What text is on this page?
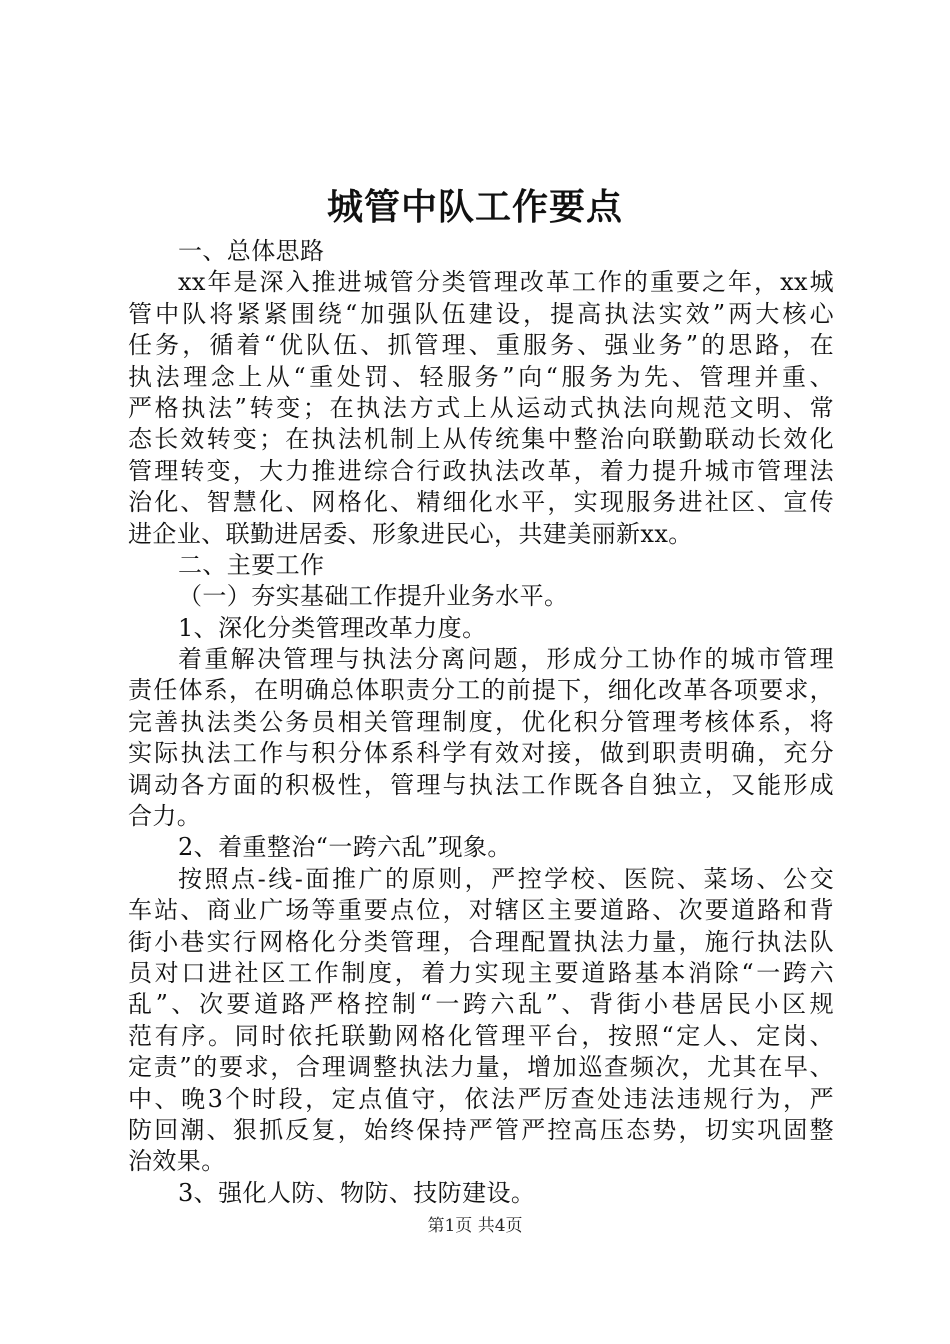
城管中队工作要点
一、总体思路
xx年是深入推进城管分类管理改革工作的重要之年，xx城
管中队将紧紧围绕“加强队伍建设，提高执法实效”两大核心
任务，循着“优队伍、抓管理、重服务、强业务”的思路，在
执法理念上从“重处罚、轻服务”向“服务为先、管理并重、
严格执法”转变；在执法方式上从运动式执法向规范文明、常
态长效转变；在执法机制上从传统集中整治向联勤联动长效化
管理转变，大力推进综合行政执法改革，着力提升城市管理法
治化、智慧化、网格化、精细化水平，实现服务进社区、宣传
进企业、联勤进居委、形象进民心，共建美丽新xx。
二、主要工作
（一）夯实基础工作提升业务水平。
1、深化分类管理改革力度。
着重解决管理与执法分离问题，形成分工协作的城市管理
责任体系，在明确总体职责分工的前提下，细化改革各项要求，
完善执法类公务员相关管理制度，优化积分管理考核体系，将
实际执法工作与积分体系科学有效对接，做到职责明确，充分
调动各方面的积极性，管理与执法工作既各自独立，又能形成
合力。
2、着重整治“一跨六乱”现象。
按照点-线-面推广的原则，严控学校、医院、菜场、公交
车站、商业广场等重要点位，对辖区主要道路、次要道路和背
街小巷实行网格化分类管理，合理配置执法力量，施行执法队
员对口进社区工作制度，着力实现主要道路基本消除“一跨六
乱”、次要道路严格控制“一跨六乱”、背街小巷居民小区规
范有序。同时依托联勤网格化管理平台，按照“定人、定岗、
定责”的要求，合理调整执法力量，增加巡查频次，尤其在早、
中、晚3个时段，定点值守，依法严厉查处违法违规行为，严
防回潮、狠抓反复，始终保持严管严控高压态势，切实巩固整
治效果。
3、强化人防、物防、技防建设。
第1页 共4页
